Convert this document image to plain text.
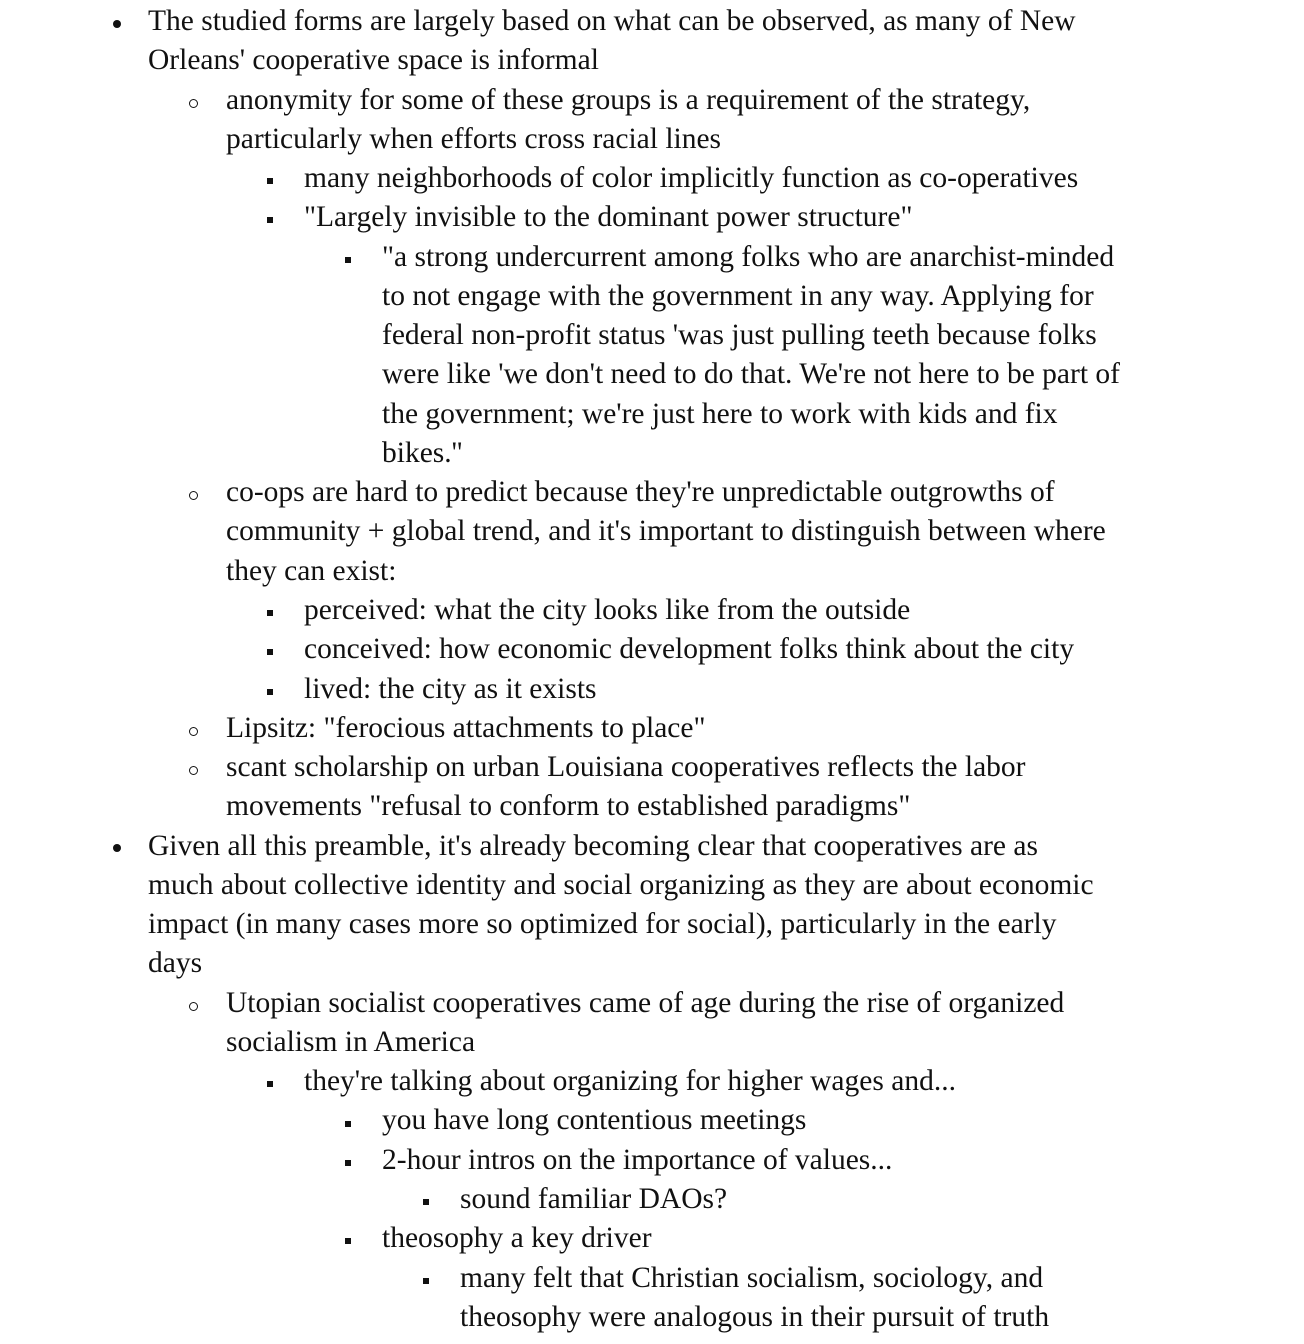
The studied forms are largely based on what can be observed, as many of New
Orleans' cooperative space is informal
anonymity for some of these groups is a requirement of the strategy,
particularly when efforts cross racial lines
many neighborhoods of color implicitly function as co-operatives
"Largely invisible to the dominant power structure"
"a strong undercurrent among folks who are anarchist-minded
to not engage with the government in any way. Applying for
federal non-profit status 'was just pulling teeth because folks
were like 'we don't need to do that. We're not here to be part of
the government; we're just here to work with kids and fix
bikes.''
co-ops are hard to predict because they're unpredictable outgrowths of
community + global trend, and it's important to distinguish between where
they can exist:
perceived: what the city looks like from the outside
conceived: how economic development folks think about the city
lived: the city as it exists
Lipsitz: "ferocious attachments to place"
scant scholarship on urban Louisiana cooperatives reflects the labor
movements "refusal to conform to established paradigms"
Given all this preamble, it's already becoming clear that cooperatives are as
much about collective identity and social organizing as they are about economic
impact (in many cases more so optimized for social), particularly in the early
days
Utopian socialist cooperatives came of age during the rise of organized
socialism in America
they're talking about organizing for higher wages and...
you have long contentious meetings
2-hour intros on the importance of values...
sound familiar DAOs?
theosophy a key driver
many felt that Christian socialism, sociology, and
theosophy were analogous in their pursuit of truth
